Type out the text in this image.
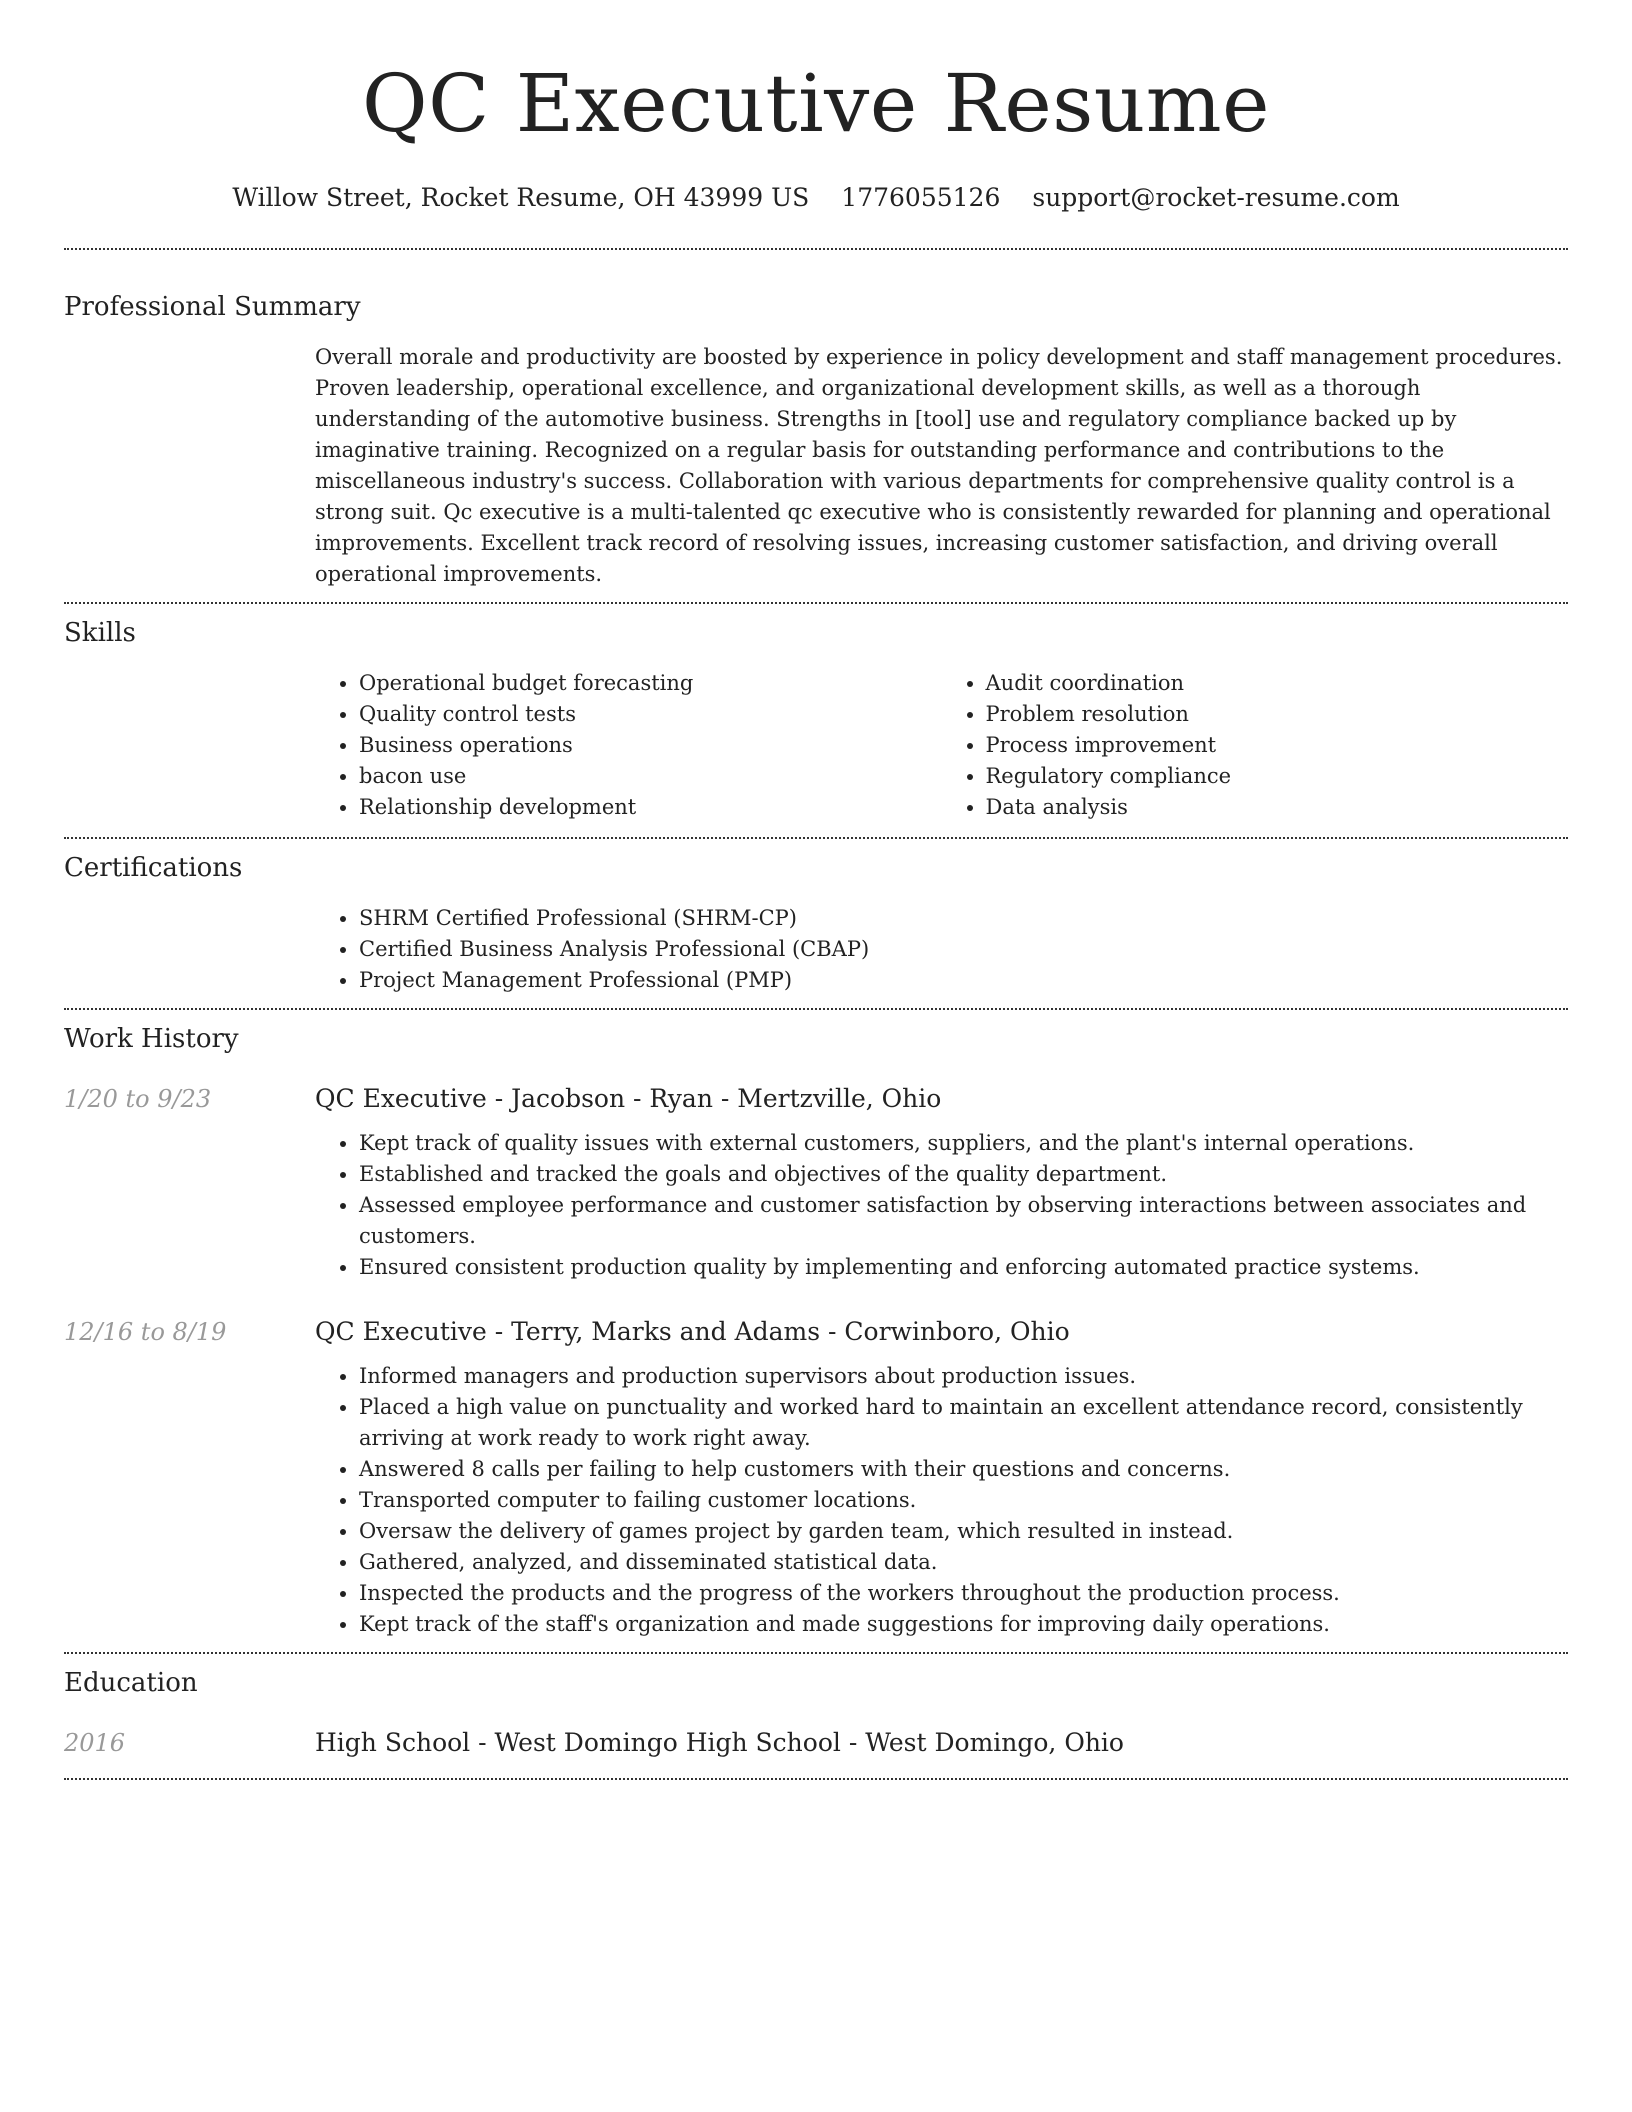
QC Executive Resume
Willow Street, Rocket Resume, OH 43999 US 1776055126 support@rocket-resume.com
Professional Summary

Overall morale and productivity are boosted by experience in policy development and staff management procedures. Proven leadership, operational excellence, and organizational development skills, as well as a thorough understanding of the automotive business. Strengths in [tool] use and regulatory compliance backed up by imaginative training. Recognized on a regular basis for outstanding performance and contributions to the miscellaneous industry's success. Collaboration with various departments for comprehensive quality control is a strong suit. Qc executive is a multi-talented qc executive who is consistently rewarded for planning and operational improvements. Excellent track record of resolving issues, increasing customer satisfaction, and driving overall operational improvements.

Skills
• Operational budget forecasting
• Quality control tests
• Business operations
• bacon use
• Relationship development
• Audit coordination
• Problem resolution
• Process improvement
• Regulatory compliance
• Data analysis
Certifications
• SHRM Certified Professional (SHRM-CP)
• Certified Business Analysis Professional (CBAP)
• Project Management Professional (PMP)
Work History
1/20 to 9/23	QC Executive - Jacobson - Ryan - Mertzville, Ohio
• Kept track of quality issues with external customers, suppliers, and the plant's internal operations.
• Established and tracked the goals and objectives of the quality department.
• Assessed employee performance and customer satisfaction by observing interactions between associates and customers.
• Ensured consistent production quality by implementing and enforcing automated practice systems.
12/16 to 8/19	QC Executive - Terry, Marks and Adams - Corwinboro, Ohio
• Informed managers and production supervisors about production issues.
• Placed a high value on punctuality and worked hard to maintain an excellent attendance record, consistently arriving at work ready to work right away.
• Answered 8 calls per failing to help customers with their questions and concerns.
• Transported computer to failing customer locations.
• Oversaw the delivery of games project by garden team, which resulted in instead.
• Gathered, analyzed, and disseminated statistical data.
• Inspected the products and the progress of the workers throughout the production process.
• Kept track of the staff's organization and made suggestions for improving daily operations.
Education
2016	High School - West Domingo High School - West Domingo, Ohio
